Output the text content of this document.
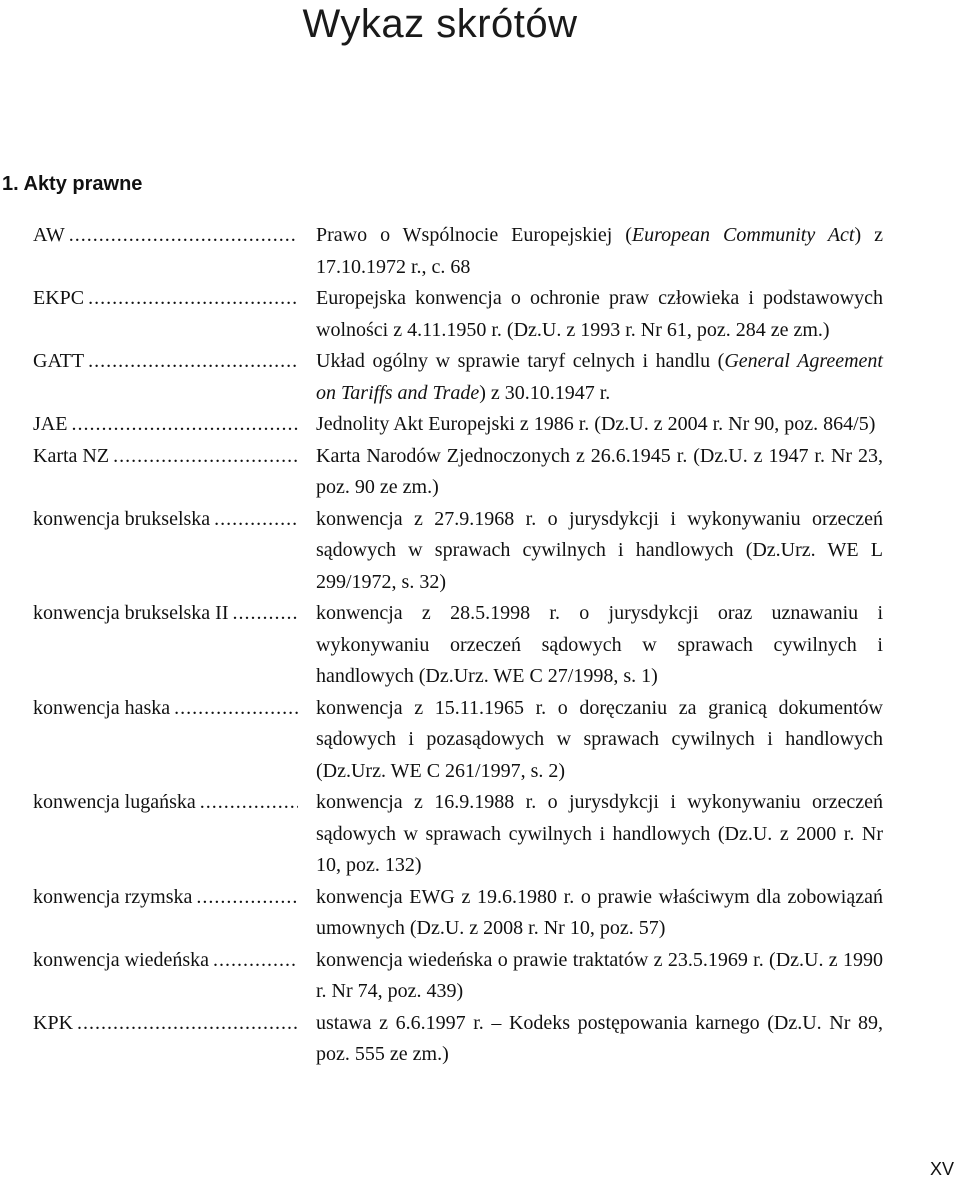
Wykaz skrótów
1. Akty prawne
AW . . .	Prawo o Wspólnocie Europejskiej (European Community Act) z 17.10.1972 r., c. 68
EKPC . . .	Europejska konwencja o ochronie praw człowieka i podstawowych wolności z 4.11.1950 r. (Dz.U. z 1993 r. Nr 61, poz. 284 ze zm.)
GATT . . .	Układ ogólny w sprawie taryf celnych i handlu (General Agreement on Tariffs and Trade) z 30.10.1947 r.
JAE . . .	Jednolity Akt Europejski z 1986 r. (Dz.U. z 2004 r. Nr 90, poz. 864/5)
Karta NZ . . .	Karta Narodów Zjednoczonych z 26.6.1945 r. (Dz.U. z 1947 r. Nr 23, poz. 90 ze zm.)
konwencja brukselska . . .	konwencja z 27.9.1968 r. o jurysdykcji i wykonywaniu orzeczeń sądowych w sprawach cywilnych i handlowych (Dz.Urz. WE L 299/1972, s. 32)
konwencja brukselska II . . .	konwencja z 28.5.1998 r. o jurysdykcji oraz uznawaniu i wykonywaniu orzeczeń sądowych w sprawach cywilnych i handlowych (Dz.Urz. WE C 27/1998, s. 1)
konwencja haska . . .	konwencja z 15.11.1965 r. o doręczaniu za granicą dokumentów sądowych i pozasądowych w sprawach cywilnych i handlowych (Dz.Urz. WE C 261/1997, s. 2)
konwencja lugańska . . .	konwencja z 16.9.1988 r. o jurysdykcji i wykonywaniu orzeczeń sądowych w sprawach cywilnych i handlowych (Dz.U. z 2000 r. Nr 10, poz. 132)
konwencja rzymska . . .	konwencja EWG z 19.6.1980 r. o prawie właściwym dla zobowiązań umownych (Dz.U. z 2008 r. Nr 10, poz. 57)
konwencja wiedeńska . . .	konwencja wiedeńska o prawie traktatów z 23.5.1969 r. (Dz.U. z 1990 r. Nr 74, poz. 439)
KPK . . .	ustawa z 6.6.1997 r. – Kodeks postępowania karnego (Dz.U. Nr 89, poz. 555 ze zm.)
XV
